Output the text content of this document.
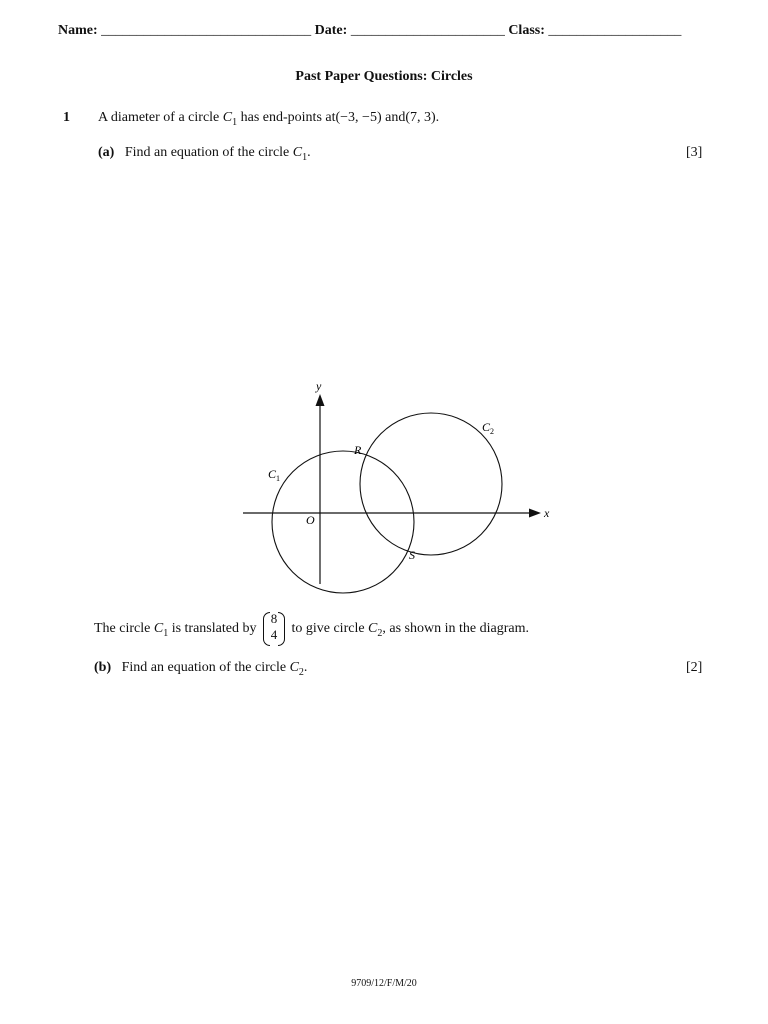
Name: ______________________________ Date: ______________________ Class: ___________________
Past Paper Questions: Circles
1 A diameter of a circle $C_1$ has end-points at(−3, −5) and(7, 3).
(a) Find an equation of the circle $C_1$.	[3]
x
y
O
$C_1$
$C_2$
R
S
The circle $C_1$ is translated by
8
4 to give circle $C_2$, as shown in the diagram.
(b) Find an equation of the circle $C_2$.	[2]
9709/12/F/M/20
